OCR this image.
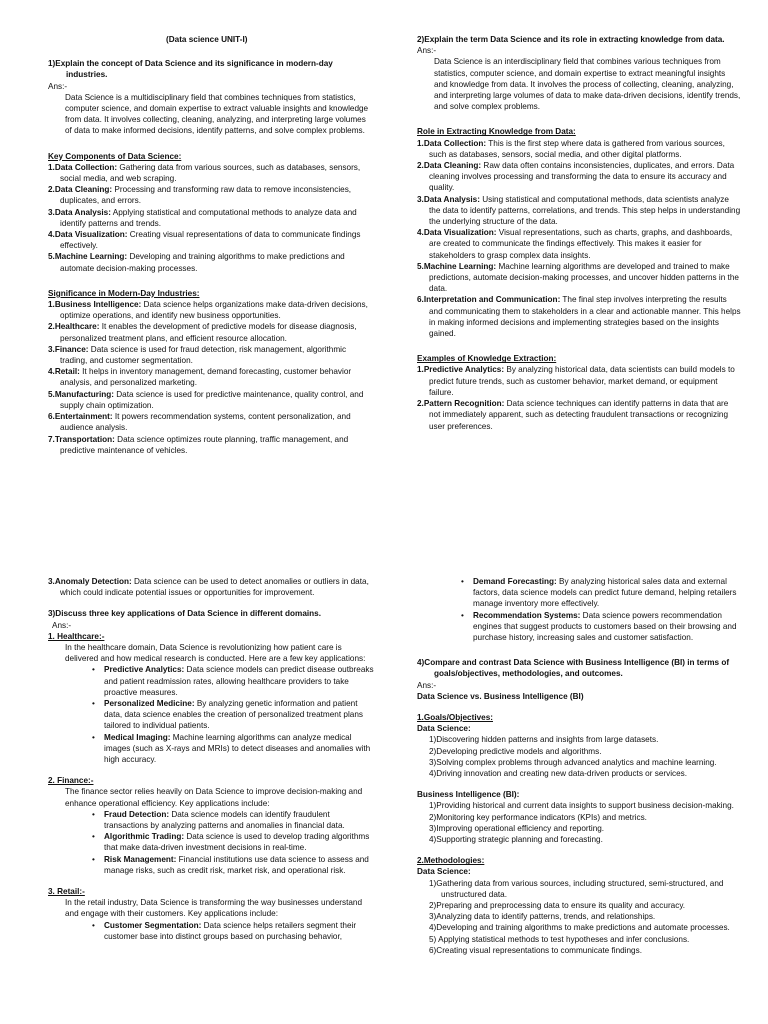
(Data science UNIT-I)

1)Explain the concept of Data Science and its significance in modern-day industries.

Ans:-

Data Science is a multidisciplinary field that combines techniques from statistics, computer science, and domain expertise to extract valuable insights and knowledge from data. It involves collecting, cleaning, analyzing, and interpreting large volumes of data to make informed decisions, identify patterns, and solve complex problems.

Key Components of Data Science:

1.Data Collection: Gathering data from various sources, such as databases, sensors, social media, and web scraping.

2.Data Cleaning: Processing and transforming raw data to remove inconsistencies, duplicates, and errors.

3.Data Analysis: Applying statistical and computational methods to analyze data and identify patterns and trends.

4.Data Visualization: Creating visual representations of data to communicate findings effectively.

5.Machine Learning: Developing and training algorithms to make predictions and automate decision-making processes.

Significance in Modern-Day Industries:

1.Business Intelligence: Data science helps organizations make data-driven decisions, optimize operations, and identify new business opportunities.

2.Healthcare: It enables the development of predictive models for disease diagnosis, personalized treatment plans, and efficient resource allocation.

3.Finance: Data science is used for fraud detection, risk management, algorithmic trading, and customer segmentation.

4.Retail: It helps in inventory management, demand forecasting, customer behavior analysis, and personalized marketing.

5.Manufacturing: Data science is used for predictive maintenance, quality control, and supply chain optimization.

6.Entertainment: It powers recommendation systems, content personalization, and audience analysis.

7.Transportation: Data science optimizes route planning, traffic management, and predictive maintenance of vehicles.

2)Explain the term Data Science and its role in extracting knowledge from data.

Ans:-

Data Science is an interdisciplinary field that combines various techniques from statistics, computer science, and domain expertise to extract meaningful insights and knowledge from data. It involves the process of collecting, cleaning, analyzing, and interpreting large volumes of data to make data-driven decisions, identify trends, and solve complex problems.

Role in Extracting Knowledge from Data:

1.Data Collection: This is the first step where data is gathered from various sources, such as databases, sensors, social media, and other digital platforms.

2.Data Cleaning: Raw data often contains inconsistencies, duplicates, and errors. Data cleaning involves processing and transforming the data to ensure its accuracy and quality.

3.Data Analysis: Using statistical and computational methods, data scientists analyze the data to identify patterns, correlations, and trends. This step helps in understanding the underlying structure of the data.

4.Data Visualization: Visual representations, such as charts, graphs, and dashboards, are created to communicate the findings effectively. This makes it easier for stakeholders to grasp complex data insights.

5.Machine Learning: Machine learning algorithms are developed and trained to make predictions, automate decision-making processes, and uncover hidden patterns in the data.

6.Interpretation and Communication: The final step involves interpreting the results and communicating them to stakeholders in a clear and actionable manner. This helps in making informed decisions and implementing strategies based on the insights gained.

Examples of Knowledge Extraction:

1.Predictive Analytics: By analyzing historical data, data scientists can build models to predict future trends, such as customer behavior, market demand, or equipment failure.

2.Pattern Recognition: Data science techniques can identify patterns in data that are not immediately apparent, such as detecting fraudulent transactions or recognizing user preferences.

3.Anomaly Detection: Data science can be used to detect anomalies or outliers in data, which could indicate potential issues or opportunities for improvement.

3)Discuss three key applications of Data Science in different domains.

Ans:-

1. Healthcare:-

In the healthcare domain, Data Science is revolutionizing how patient care is delivered and how medical research is conducted. Here are a few key applications:

• Predictive Analytics: Data science models can predict disease outbreaks and patient readmission rates, allowing healthcare providers to take proactive measures.

• Personalized Medicine: By analyzing genetic information and patient data, data science enables the creation of personalized treatment plans tailored to individual patients.

• Medical Imaging: Machine learning algorithms can analyze medical images (such as X-rays and MRIs) to detect diseases and anomalies with high accuracy.

2. Finance:-

The finance sector relies heavily on Data Science to improve decision-making and enhance operational efficiency. Key applications include:

• Fraud Detection: Data science models can identify fraudulent transactions by analyzing patterns and anomalies in financial data.

• Algorithmic Trading: Data science is used to develop trading algorithms that make data-driven investment decisions in real-time.

• Risk Management: Financial institutions use data science to assess and manage risks, such as credit risk, market risk, and operational risk.

3. Retail:-

In the retail industry, Data Science is transforming the way businesses understand and engage with their customers. Key applications include:

• Customer Segmentation: Data science helps retailers segment their customer base into distinct groups based on purchasing behavior,

• Demand Forecasting: By analyzing historical sales data and external factors, data science models can predict future demand, helping retailers manage inventory more effectively.

• Recommendation Systems: Data science powers recommendation engines that suggest products to customers based on their browsing and purchase history, increasing sales and customer satisfaction.

4)Compare and contrast Data Science with Business Intelligence (BI) in terms of goals/objectives, methodologies, and outcomes.

Ans:-

Data Science vs. Business Intelligence (BI)

1.Goals/Objectives:

Data Science:

1)Discovering hidden patterns and insights from large datasets.

2)Developing predictive models and algorithms.

3)Solving complex problems through advanced analytics and machine learning.

4)Driving innovation and creating new data-driven products or services.

Business Intelligence (BI):

1)Providing historical and current data insights to support business decision-making.

2)Monitoring key performance indicators (KPIs) and metrics.

3)Improving operational efficiency and reporting.

4)Supporting strategic planning and forecasting.

2.Methodologies:

Data Science:

1)Gathering data from various sources, including structured, semi-structured, and unstructured data.

2)Preparing and preprocessing data to ensure its quality and accuracy.

3)Analyzing data to identify patterns, trends, and relationships.

4)Developing and training algorithms to make predictions and automate processes.

5) Applying statistical methods to test hypotheses and infer conclusions.

6)Creating visual representations to communicate findings.
